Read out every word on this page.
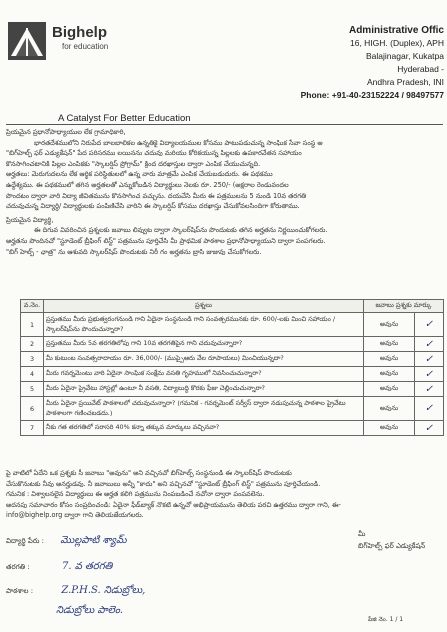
Bighelp
for education
A Catalyst For Better Education
Administrative Offic
16, HIGH. (Duplex), APH
Balajinagar, Kukatpa
Hyderabad -
Andhra Pradesh, INI
Phone: +91-40-23152224 / 98497577
ప్రియమైన ప్రధానోపాధ్యాయుల లేక గ్రామాధికారి,
భారతదేశములోని నిరుపేద బాలబాలికల ఉన్నతికై విద్యాలయముల కోసము పాటుపడుచున్న సాంఘిక సేవా సంస్థ అ
"బిగ్‌హెల్ప్ ఫర్ ఎడ్యుకేషన్" పేద పరిసరము లయినను చదువు మరియు కోరికయున్న పిల్లలకు ఉపకారవేతన సహాయం
కొనసాగించటానికి పిల్లల ఎంపికకు "స్కాలర్షిప్ ప్రోగ్రామ్" క్రింద దరఖాస్తుల ద్వారా ఎంపిక చేయుచున్నది.
అర్హతలు: మెరుగుదలను లేక ఆర్థిక పరిస్థితులలో ఉన్న వారు మాత్రమే ఎంపిక చేయబడుదురు. ఈ పథకము
ఉద్దేశ్యము. ఈ పథకములో తగిన అర్హతలతో ఎన్నుకోబడిన విద్యార్థులు నెలకు రూ. 250/- (అక్షరాల రెండువందల
పొందటం ద్వారా వారి విద్యా జీవితమును కొనసాగించ వచ్చును. దయచేసి మీరు ఈ పత్రములను 5 నుండి 10వ తరగతి
చదువుచున్న విద్యార్థి/ విద్యార్థులకు పంపిణిచేసి వారిని ఈ స్కాలర్షిప్ కోసము దరఖాస్తు చేసుకోవలసిందిగా కోరుతాము.
ప్రియమైన విద్యార్థి,
ఈ దిగువ వివరించిన ప్రశ్నలకు జవాబు లివ్వుట ద్వారా స్కాలర్‌షిప్‌ను పొందుటకు తగిన అర్హతను నిర్ణయించుకోగలరు.
అర్హతను పొందినచో "స్టూడెంట్ బ్రీఫింగ్ లిస్ట్" పత్రమును పూర్తిచేసి మీ ప్రాథమిక పాఠశాల ప్రధానోపాధ్యాయుని ద్వారా పంపగలరు.
"బిగ్ హెల్ప్ - ఛాత్ర" ను ఆశువది స్కాలర్‌షిప్ పొందుటకు నిరీ గం అర్హతను బ్రాసి జుజువు చేసుకోగలరు.
వ.నెం.	ప్రశ్నలు	జవాబు ప్రశ్నకు మార్కు	
1	ప్రస్తుతము మీరు ప్రభుత్వరంగనుండి గాని ఏదైనా సంస్థనుండి గాని సంవత్సరమునకు రూ. 600/-లకు మించి సహాయం / స్కాలర్‌షిప్‌ను పొందుచున్నారా?	అవును	✓
2	ప్రస్తుతము మీరు 5వ తరగతిలోపు గాని 10వ తరగతిపైన గాని చదువుచున్నారా?	అవును	✓
3	మీ కుటుంబ సంవత్సరాదాయం రూ. 36,000/- (ముప్పైఆరు వేల రూపాయలు) మించియున్నదా?	అవును	✓
4	మీరు గవర్నమెంటు వారి ఏదైనా సాంఘిక సంక్షేమ వసతి గృహములో నివసించుచున్నారా?	అవును	✓
5	మీరు ఏదైనా ప్రైవేటు హాస్టల్లో ఉంటూ నీ వసతి, విద్యాబుద్ధి కొరకు ఫీజు చెల్లించుచున్నారా?	అవును	✓
6	మీరు ఏదైనా ప్రయివేట్ పాఠశాలలో చదువుచున్నారా? (గమనిక - గవర్నమెంట్ సర్వీస్ ద్వారా నడుపుచున్న పాఠశాల ప్రైవేటు పాఠశాలగా గణించబడదు.)	అవును	✓
7	నీకు గత తరగతిలో సరాసరి 40% కన్నా తక్కువ మార్కులు వచ్చినవా?	అవును	✓
పై వాటిలో ఏదేని ఒక ప్రశ్నకు సీ జవాబు "అవును" అని వచ్చినచో బిగ్‌హెల్ప్ సంస్థనుండి ఈ స్కాలర్‌షిప్ పొందుటకు
చేసుకొనుటకు నీవు అనర్హుడవు. నీ జవాబులు అన్నీ "కాదు" అని వచ్చినచో "స్టూడెంట్ బ్రీఫింగ్ లిస్ట్" పత్రమును పూర్తిచేయండి.
గమనిక : విశ్వాలనలైన విద్యార్థులు ఈ అర్హత కలిగి పత్రమును నింపబడించే నచోనా ద్వారా పంపవలెను.
అదనపు సమాచారం కోసం సంప్రదించండి: ఏదైనా ఫీడ్‌బ్యాక్ నొకటి ఉన్నచో అభిప్రాయమును తెలియ పరచి ఉత్తరము ద్వారా గాని, ఈ-
info@bighelp.org ద్వారా గాని తెలియజేయగలరు.
విద్యార్థి పేరు : మొల్లపాటి శ్యామ్
తరగతి :	7. వ తరగతి
పాఠశాల :	Z.P.H.S. నిడుబ్రోలు,
నిడుబ్రోలు పాలెం.
మీ
బిగ్‌హెల్ప్ ఫర్ ఎడ్యుకేషన్
పేజి నెం. 1 / 1
